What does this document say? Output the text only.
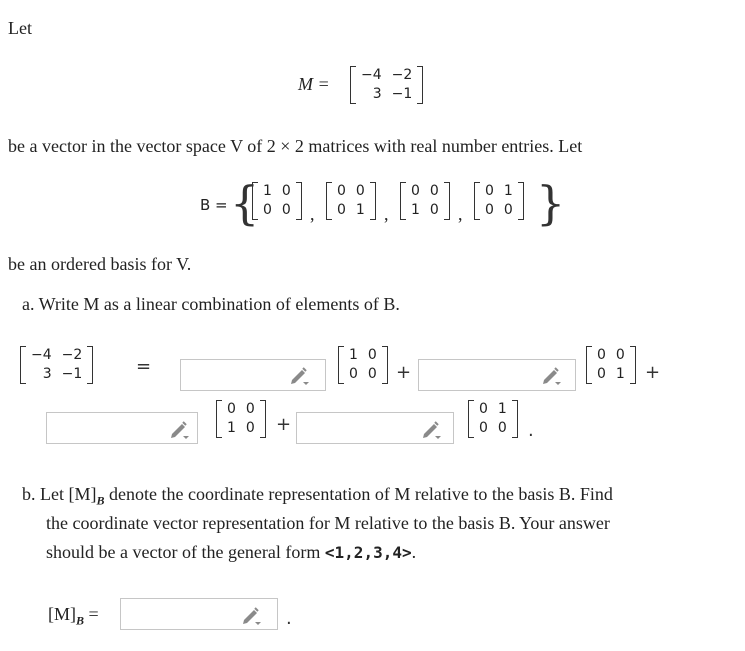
Let
M = −4	−2
3	−1
be a vector in the vector space V of 2 × 2 matrices with real number entries. Let
B = { 1	0
0	0 ,
0	0
0	1 ,
0	0
1	0 ,
0	1
0	0 }
be an ordered basis for V.
a. Write M as a linear combination of elements of B.
−4	−2
3	−1	=
1	0
0	0 +
0	0
0	1 +
0	0
1	0 +
0	1
0	0 .
b. Let $[M]_B$ denote the coordinate representation of M relative to the basis B. Find
the coordinate vector representation for M relative to the basis B. Your answer
should be a vector of the general form <1,2,3,4>.
$[M]_B$ =	.
